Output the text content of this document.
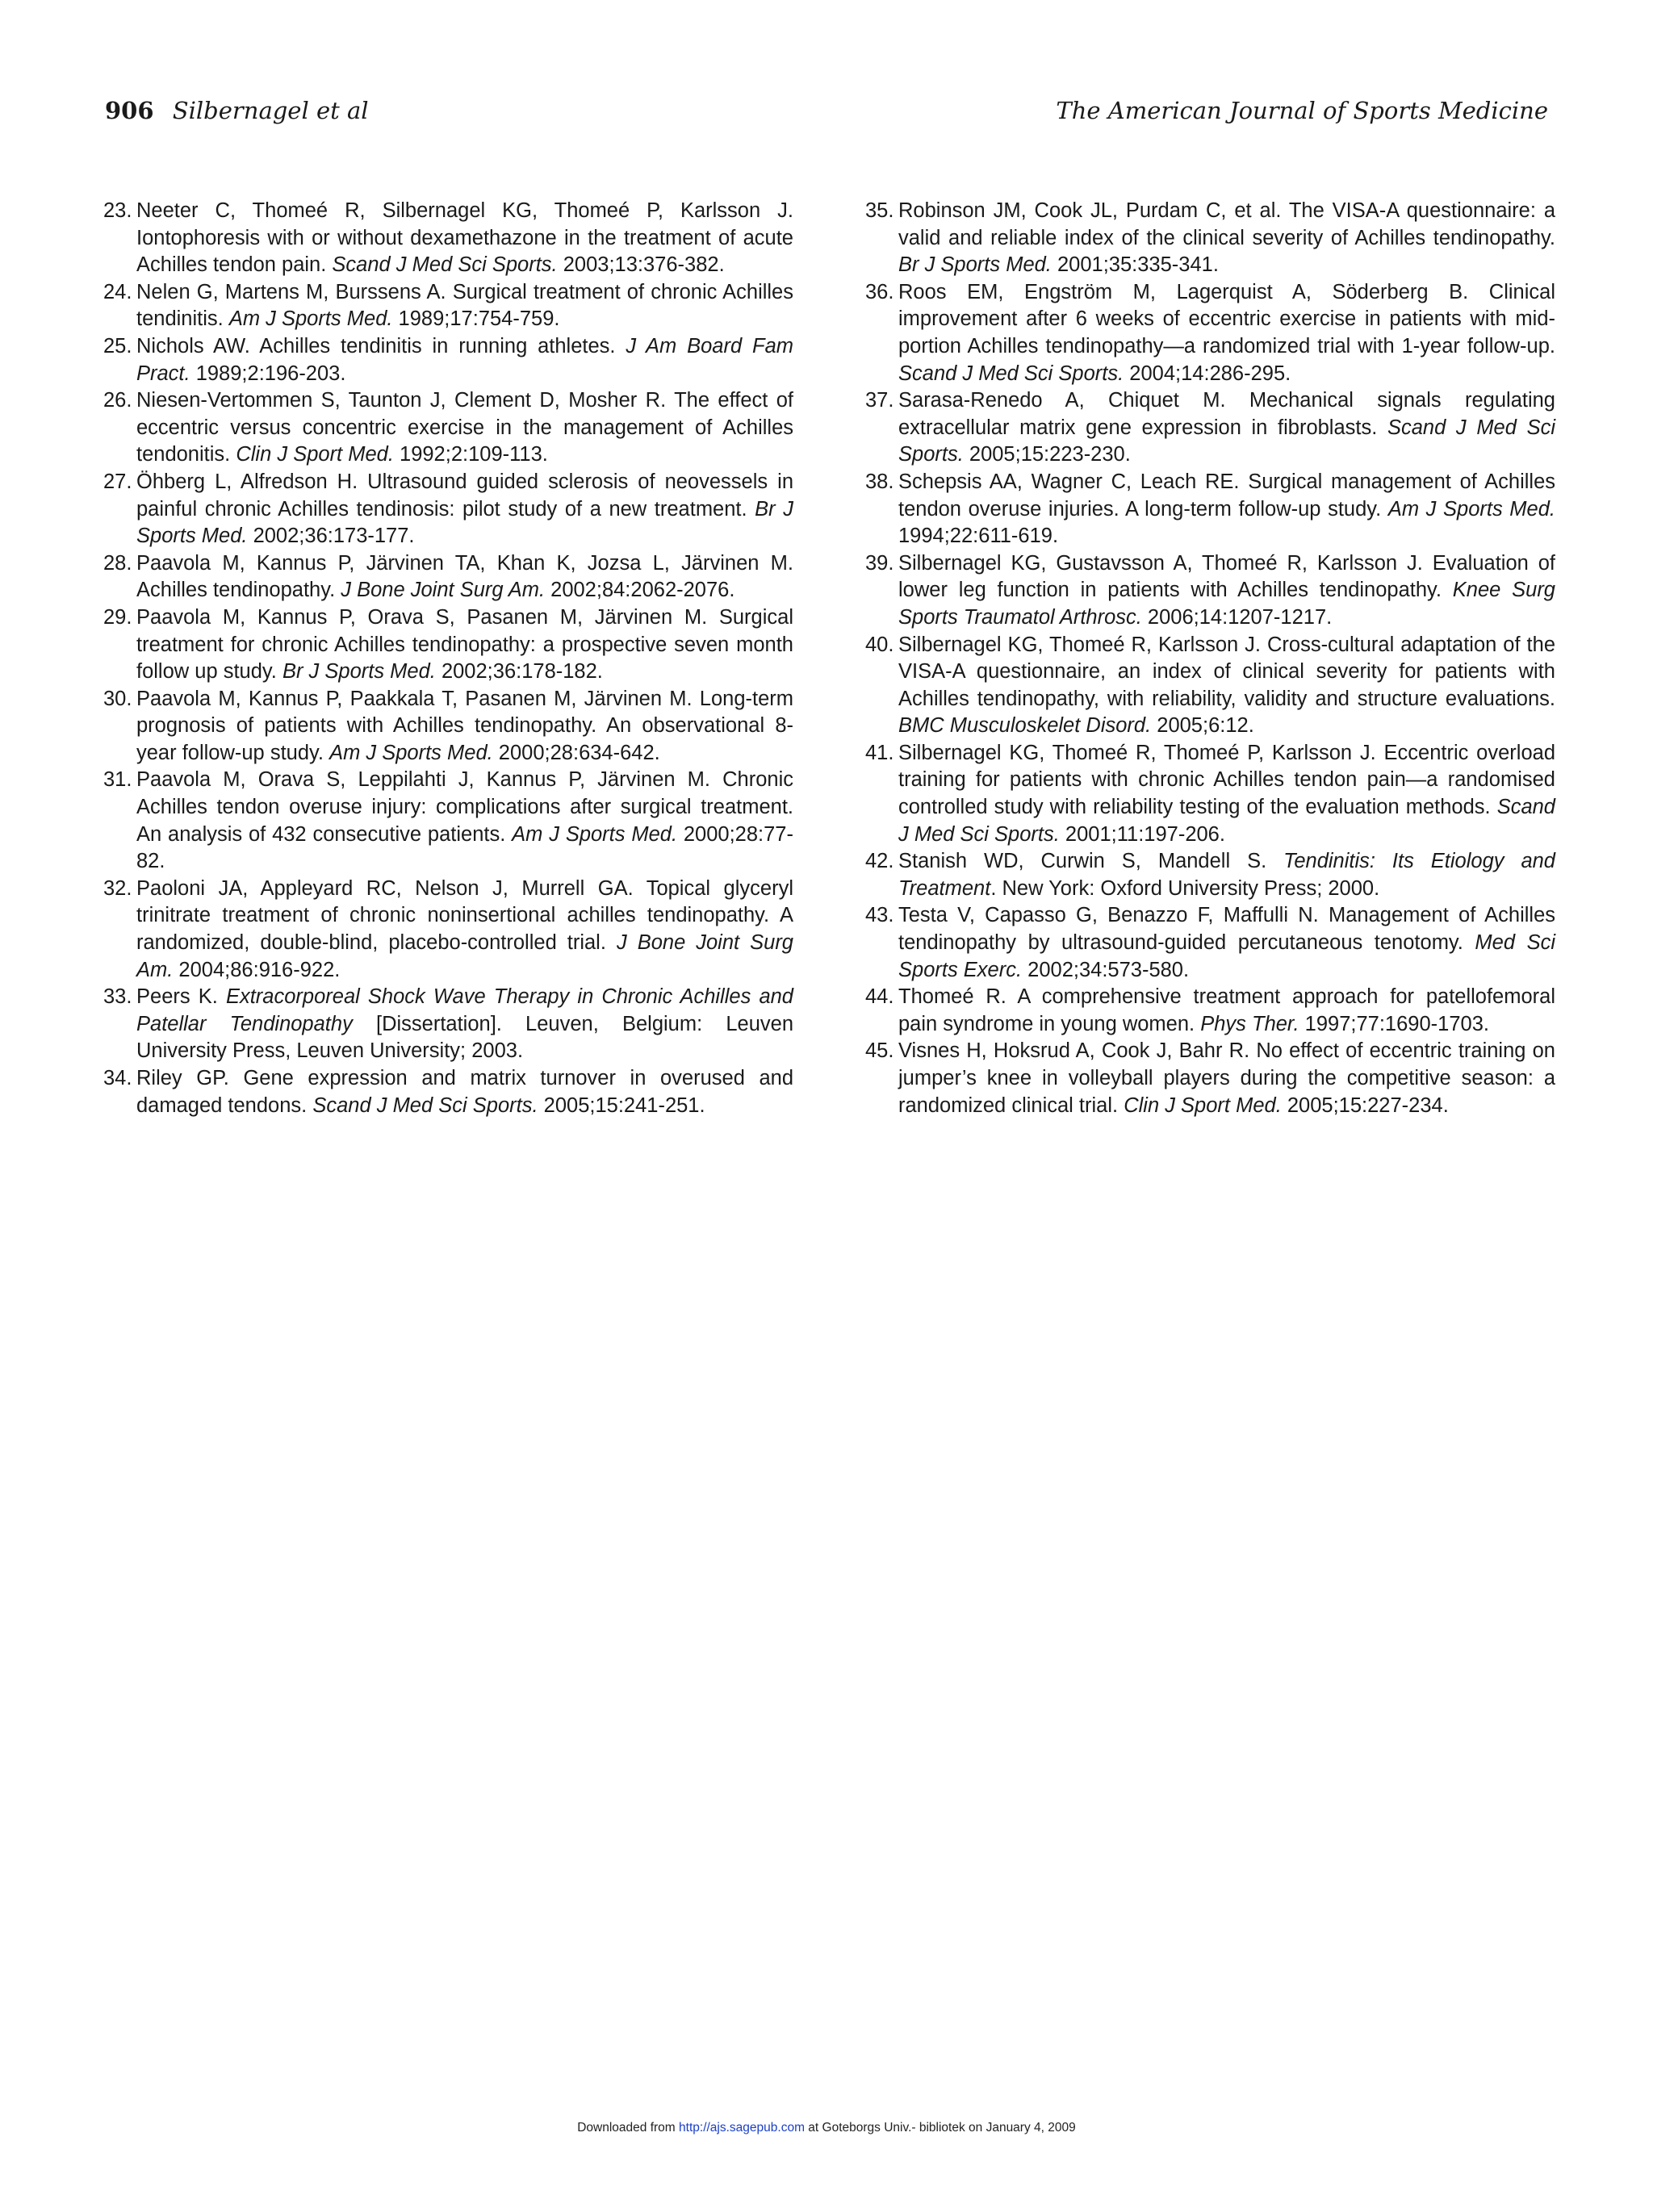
906 Silbernagel et al	The American Journal of Sports Medicine

23. Neeter C, Thomeé R, Silbernagel KG, Thomeé P, Karlsson J. Iontophoresis with or without dexamethazone in the treatment of acute Achilles tendon pain. Scand J Med Sci Sports. 2003;13:376-382.

24. Nelen G, Martens M, Burssens A. Surgical treatment of chronic Achilles tendinitis. Am J Sports Med. 1989;17:754-759.

25. Nichols AW. Achilles tendinitis in running athletes. J Am Board Fam Pract. 1989;2:196-203.

26. Niesen-Vertommen S, Taunton J, Clement D, Mosher R. The effect of eccentric versus concentric exercise in the management of Achilles tendonitis. Clin J Sport Med. 1992;2:109-113.

27. Öhberg L, Alfredson H. Ultrasound guided sclerosis of neovessels in painful chronic Achilles tendinosis: pilot study of a new treatment. Br J Sports Med. 2002;36:173-177.

28. Paavola M, Kannus P, Järvinen TA, Khan K, Jozsa L, Järvinen M. Achilles tendinopathy. J Bone Joint Surg Am. 2002;84:2062-2076.

29. Paavola M, Kannus P, Orava S, Pasanen M, Järvinen M. Surgical treatment for chronic Achilles tendinopathy: a prospective seven month follow up study. Br J Sports Med. 2002;36:178-182.

30. Paavola M, Kannus P, Paakkala T, Pasanen M, Järvinen M. Long-term prognosis of patients with Achilles tendinopathy. An observational 8-year follow-up study. Am J Sports Med. 2000;28:634-642.

31. Paavola M, Orava S, Leppilahti J, Kannus P, Järvinen M. Chronic Achilles tendon overuse injury: complications after surgical treatment. An analysis of 432 consecutive patients. Am J Sports Med. 2000;28:77-82.

32. Paoloni JA, Appleyard RC, Nelson J, Murrell GA. Topical glyceryl trinitrate treatment of chronic noninsertional achilles tendinopathy. A randomized, double-blind, placebo-controlled trial. J Bone Joint Surg Am. 2004;86:916-922.

33. Peers K. Extracorporeal Shock Wave Therapy in Chronic Achilles and Patellar Tendinopathy [Dissertation]. Leuven, Belgium: Leuven University Press, Leuven University; 2003.

34. Riley GP. Gene expression and matrix turnover in overused and damaged tendons. Scand J Med Sci Sports. 2005;15:241-251.

35. Robinson JM, Cook JL, Purdam C, et al. The VISA-A questionnaire: a valid and reliable index of the clinical severity of Achilles tendinopathy. Br J Sports Med. 2001;35:335-341.

36. Roos EM, Engström M, Lagerquist A, Söderberg B. Clinical improvement after 6 weeks of eccentric exercise in patients with mid-portion Achilles tendinopathy—a randomized trial with 1-year follow-up. Scand J Med Sci Sports. 2004;14:286-295.

37. Sarasa-Renedo A, Chiquet M. Mechanical signals regulating extracellular matrix gene expression in fibroblasts. Scand J Med Sci Sports. 2005;15:223-230.

38. Schepsis AA, Wagner C, Leach RE. Surgical management of Achilles tendon overuse injuries. A long-term follow-up study. Am J Sports Med. 1994;22:611-619.

39. Silbernagel KG, Gustavsson A, Thomeé R, Karlsson J. Evaluation of lower leg function in patients with Achilles tendinopathy. Knee Surg Sports Traumatol Arthrosc. 2006;14:1207-1217.

40. Silbernagel KG, Thomeé R, Karlsson J. Cross-cultural adaptation of the VISA-A questionnaire, an index of clinical severity for patients with Achilles tendinopathy, with reliability, validity and structure evaluations. BMC Musculoskelet Disord. 2005;6:12.

41. Silbernagel KG, Thomeé R, Thomeé P, Karlsson J. Eccentric overload training for patients with chronic Achilles tendon pain—a randomised controlled study with reliability testing of the evaluation methods. Scand J Med Sci Sports. 2001;11:197-206.

42. Stanish WD, Curwin S, Mandell S. Tendinitis: Its Etiology and Treatment. New York: Oxford University Press; 2000.

43. Testa V, Capasso G, Benazzo F, Maffulli N. Management of Achilles tendinopathy by ultrasound-guided percutaneous tenotomy. Med Sci Sports Exerc. 2002;34:573-580.

44. Thomeé R. A comprehensive treatment approach for patellofemoral pain syndrome in young women. Phys Ther. 1997;77:1690-1703.

45. Visnes H, Hoksrud A, Cook J, Bahr R. No effect of eccentric training on jumper’s knee in volleyball players during the competitive season: a randomized clinical trial. Clin J Sport Med. 2005;15:227-234.

Downloaded from http://ajs.sagepub.com at Goteborgs Univ.- bibliotek on January 4, 2009
